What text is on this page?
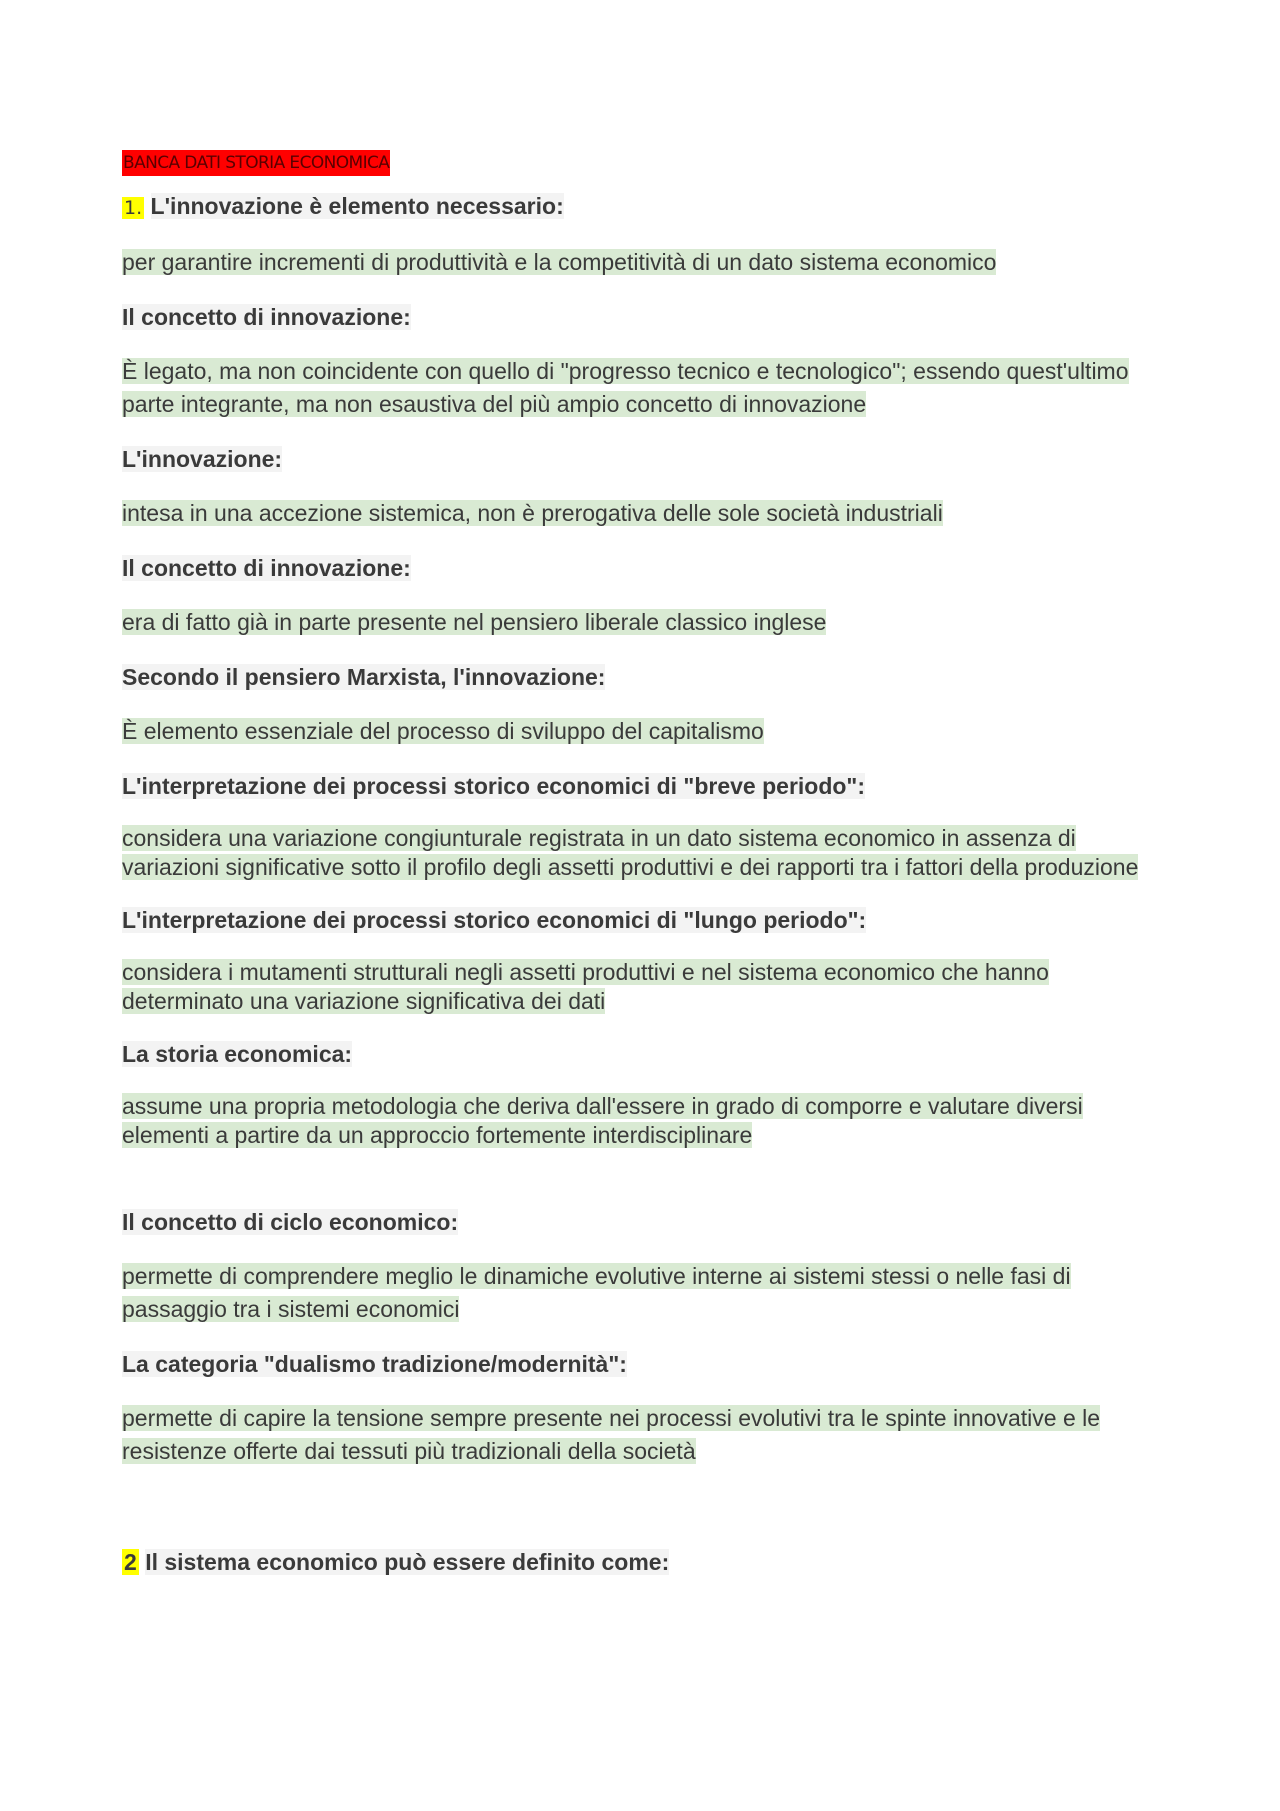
BANCA DATI STORIA ECONOMICA
1. L'innovazione è elemento necessario:
per garantire incrementi di produttività e la competitività di un dato sistema economico
Il concetto di innovazione:
È legato, ma non coincidente con quello di "progresso tecnico e tecnologico"; essendo quest'ultimo parte integrante, ma non esaustiva del più ampio concetto di innovazione
L'innovazione:
intesa in una accezione sistemica, non è prerogativa delle sole società industriali
Il concetto di innovazione:
era di fatto già in parte presente nel pensiero liberale classico inglese
Secondo il pensiero Marxista, l'innovazione:
È elemento essenziale del processo di sviluppo del capitalismo
L'interpretazione dei processi storico economici di "breve periodo":
considera una variazione congiunturale registrata in un dato sistema economico in assenza di variazioni significative sotto il profilo degli assetti produttivi e dei rapporti tra i fattori della produzione
L'interpretazione dei processi storico economici di "lungo periodo":
considera i mutamenti strutturali negli assetti produttivi e nel sistema economico che hanno determinato una variazione significativa dei dati
La storia economica:
assume una propria metodologia che deriva dall'essere in grado di comporre e valutare diversi elementi a partire da un approccio fortemente interdisciplinare
Il concetto di ciclo economico:
permette di comprendere meglio le dinamiche evolutive interne ai sistemi stessi o nelle fasi di passaggio tra i sistemi economici
La categoria "dualismo tradizione/modernità":
permette di capire la tensione sempre presente nei processi evolutivi tra le spinte innovative e le resistenze offerte dai tessuti più tradizionali della società
2 Il sistema economico può essere definito come:
